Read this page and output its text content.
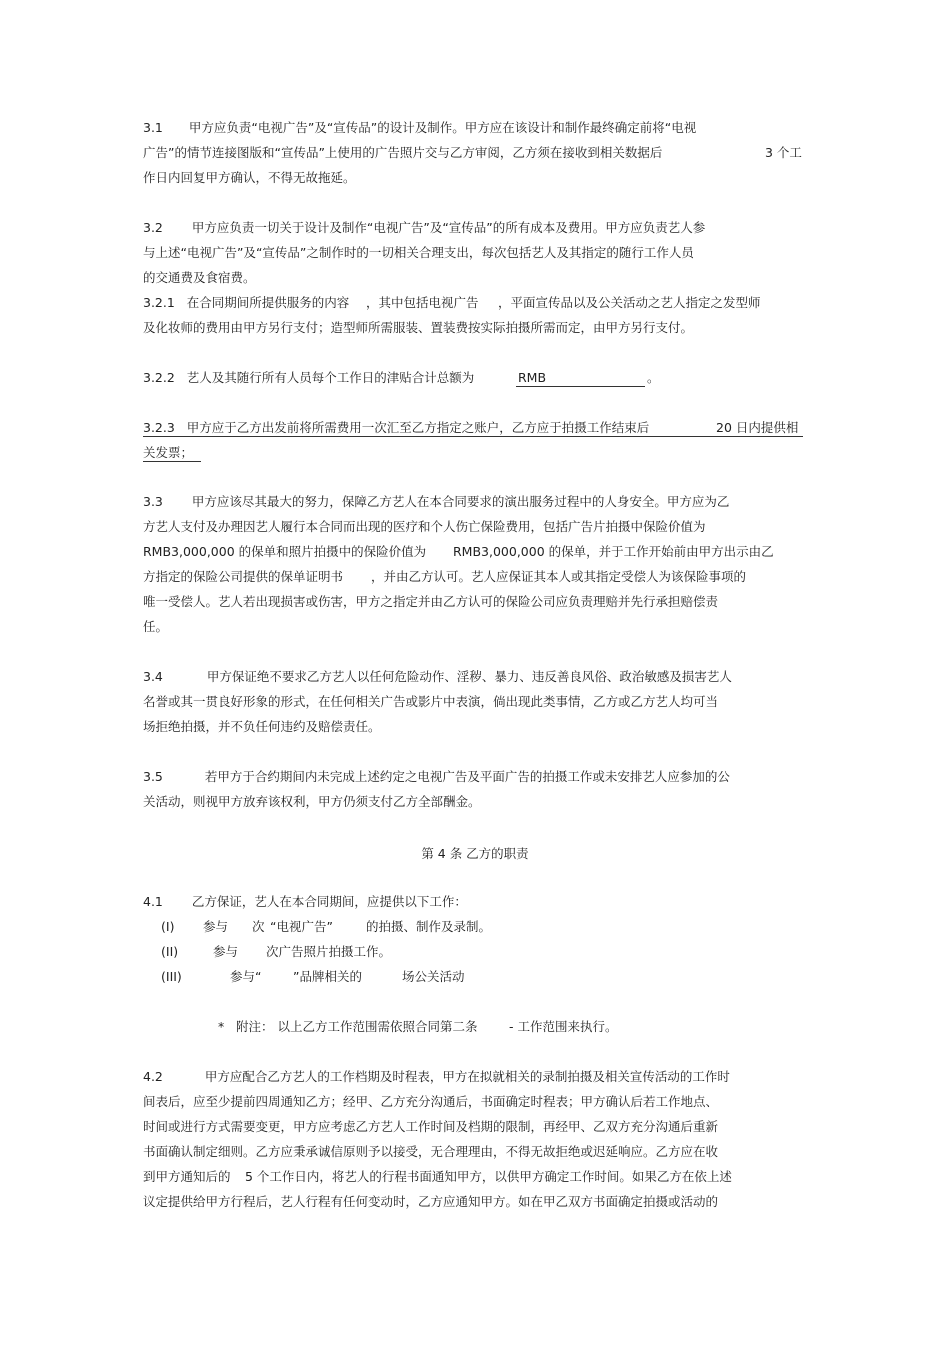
3.1 甲方应负责“电视广告”及“宣传品”的设计及制作。甲方应在该设计和制作最终确定前将“电视
广告”的情节连接图版和“宣传品”上使用的广告照片交与乙方审阅，乙方须在接收到相关数据后	3 个工
作日内回复甲方确认，不得无故拖延。
3.2 甲方应负责一切关于设计及制作“电视广告”及“宣传品”的所有成本及费用。甲方应负责艺人参
与上述“电视广告”及“宣传品”之制作时的一切相关合理支出，每次包括艺人及其指定的随行工作人员
的交通费及食宿费。
3.2.1 在合同期间所提供服务的内容 ，其中包括电视广告 ，平面宣传品以及公关活动之艺人指定之发型师
及化妆师的费用由甲方另行支付；造型师所需服装、置装费按实际拍摄所需而定，由甲方另行支付。
3.2.2 艺人及其随行所有人员每个工作日的津贴合计总额为	RMB	。
3.2.3 甲方应于乙方出发前将所需费用一次汇至乙方指定之账户，乙方应于拍摄工作结束后	20 日内提供相
关发票；
3.3 甲方应该尽其最大的努力，保障乙方艺人在本合同要求的演出服务过程中的人身安全。甲方应为乙
方艺人支付及办理因艺人履行本合同而出现的医疗和个人伤亡保险费用，包括广告片拍摄中保险价值为
RMB3,000,000 的保单和照片拍摄中的保险价值为 RMB3,000,000 的保单，并于工作开始前由甲方出示由乙
方指定的保险公司提供的保单证明书 ，并由乙方认可。艺人应保证其本人或其指定受偿人为该保险事项的
唯一受偿人。艺人若出现损害或伤害，甲方之指定并由乙方认可的保险公司应负责理赔并先行承担赔偿责
任。
3.4	甲方保证绝不要求乙方艺人以任何危险动作、淫秽、暴力、违反善良风俗、政治敏感及损害艺人
名誉或其一贯良好形象的形式，在任何相关广告或影片中表演，倘出现此类事情，乙方或乙方艺人均可当
场拒绝拍摄，并不负任何违约及赔偿责任。
3.5	若甲方于合约期间内未完成上述约定之电视广告及平面广告的拍摄工作或未安排艺人应参加的公
关活动，则视甲方放弃该权利，甲方仍须支付乙方全部酬金。
第 4 条 乙方的职责
4.1 乙方保证，艺人在本合同期间，应提供以下工作：
(I) 参与 次 “电视广告”	的拍摄、制作及录制。
(II)	参与 次广告照片拍摄工作。
(III)	参与“	”品牌相关的	场公关活动
* 附注： 以上乙方工作范围需依照合同第二条	- 工作范围来执行。
4.2	甲方应配合乙方艺人的工作档期及时程表，甲方在拟就相关的录制拍摄及相关宣传活动的工作时
间表后，应至少提前四周通知乙方；经甲、乙方充分沟通后，书面确定时程表；甲方确认后若工作地点、
时间或进行方式需要变更，甲方应考虑乙方艺人工作时间及档期的限制，再经甲、乙双方充分沟通后重新
书面确认制定细则。乙方应秉承诚信原则予以接受，无合理理由，不得无故拒绝或迟延响应。乙方应在收
到甲方通知后的 5 个工作日内，将艺人的行程书面通知甲方，以供甲方确定工作时间。如果乙方在依上述
议定提供给甲方行程后，艺人行程有任何变动时，乙方应通知甲方。如在甲乙双方书面确定拍摄或活动的
